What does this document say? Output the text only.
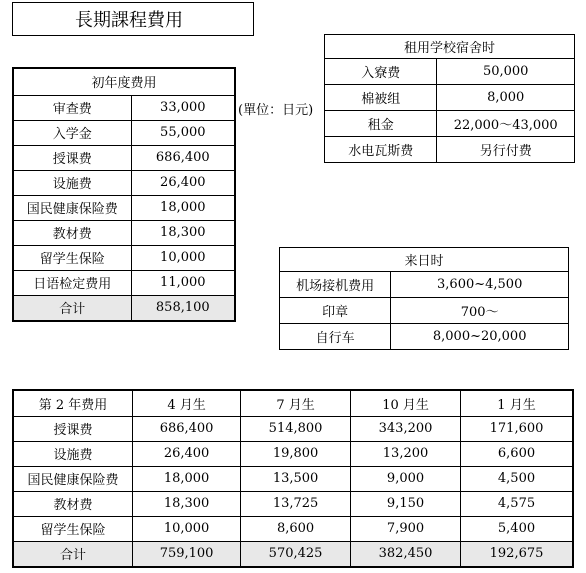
長期課程費用
初年度费用	
审查费	33,000
入学金	55,000
授课费	686,400
设施费	26,400
国民健康保险费	18,000
教材费	18,300
留学生保险	10,000
日语检定费用	11,000
合计	858,100
(單位：日元)
租用学校宿舍时	
入寮费	50,000
棉被组	8,000
租金	22,000～43,000
水电瓦斯费	另行付费
来日时	
机场接机费用	3,600~4,500
印章	700～
自行车	8,000~20,000
第 2 年费用	4 月生	7 月生	10 月生	1 月生
授课费	686,400	514,800	343,200	171,600
设施费	26,400	19,800	13,200	6,600
国民健康保险费	18,000	13,500	9,000	4,500
教材费	18,300	13,725	9,150	4,575
留学生保险	10,000	8,600	7,900	5,400
合计	759,100	570,425	382,450	192,675
